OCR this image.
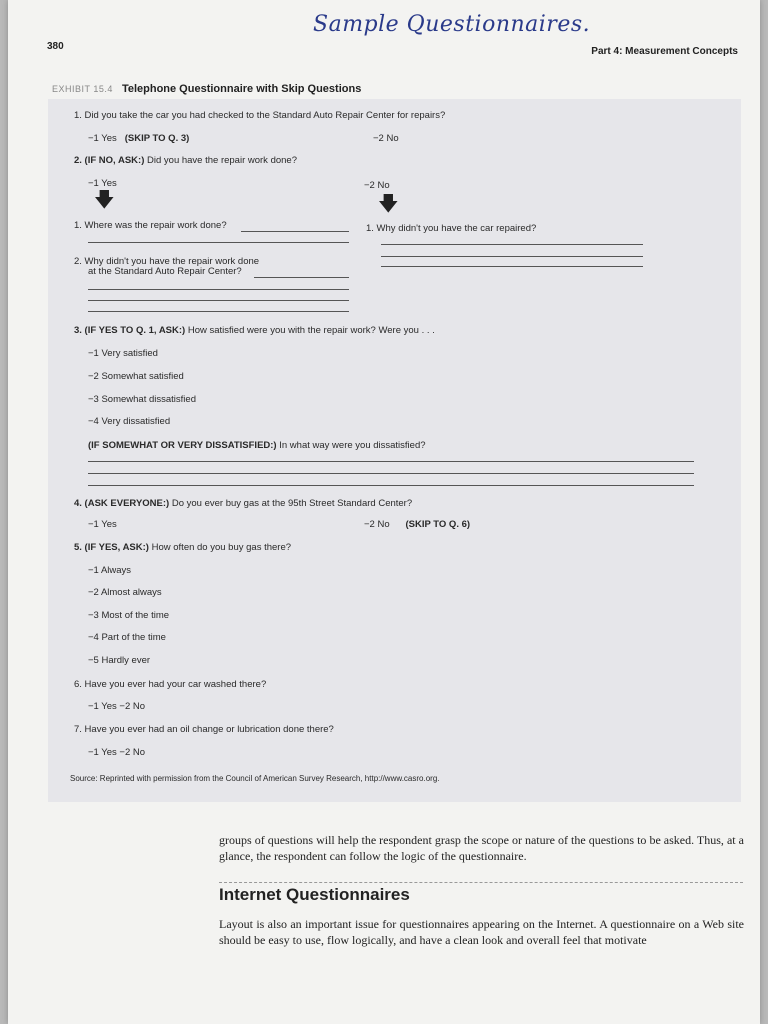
Sample Questionnaires.
380	Part 4: Measurement Concepts
EXHIBIT 15.4 Telephone Questionnaire with Skip Questions
1. Did you take the car you had checked to the Standard Auto Repair Center for repairs?
−1 Yes (SKIP TO Q. 3)	−2 No
2. (IF NO, ASK:) Did you have the repair work done?
−1 Yes	−2 No
🡇	🡇
1. Where was the repair work done?	1. Why didn't you have the car repaired?
2. Why didn't you have the repair work done
at the Standard Auto Repair Center?
3. (IF YES TO Q. 1, ASK:) How satisfied were you with the repair work? Were you . . .
−1 Very satisfied
−2 Somewhat satisfied
−3 Somewhat dissatisfied
−4 Very dissatisfied
(IF SOMEWHAT OR VERY DISSATISFIED:) In what way were you dissatisfied?
4. (ASK EVERYONE:) Do you ever buy gas at the 95th Street Standard Center?
−1 Yes	−2 No (SKIP TO Q. 6)
5. (IF YES, ASK:) How often do you buy gas there?
−1 Always
−2 Almost always
−3 Most of the time
−4 Part of the time
−5 Hardly ever
6. Have you ever had your car washed there?
−1 Yes −2 No
7. Have you ever had an oil change or lubrication done there?
−1 Yes −2 No
Source: Reprinted with permission from the Council of American Survey Research, http://www.casro.org.
groups of questions will help the respondent grasp the scope or nature of the questions to be asked. Thus, at a glance, the respondent can follow the logic of the questionnaire.
Internet Questionnaires
Layout is also an important issue for questionnaires appearing on the Internet. A questionnaire on a Web site should be easy to use, flow logically, and have a clean look and overall feel that motivate
